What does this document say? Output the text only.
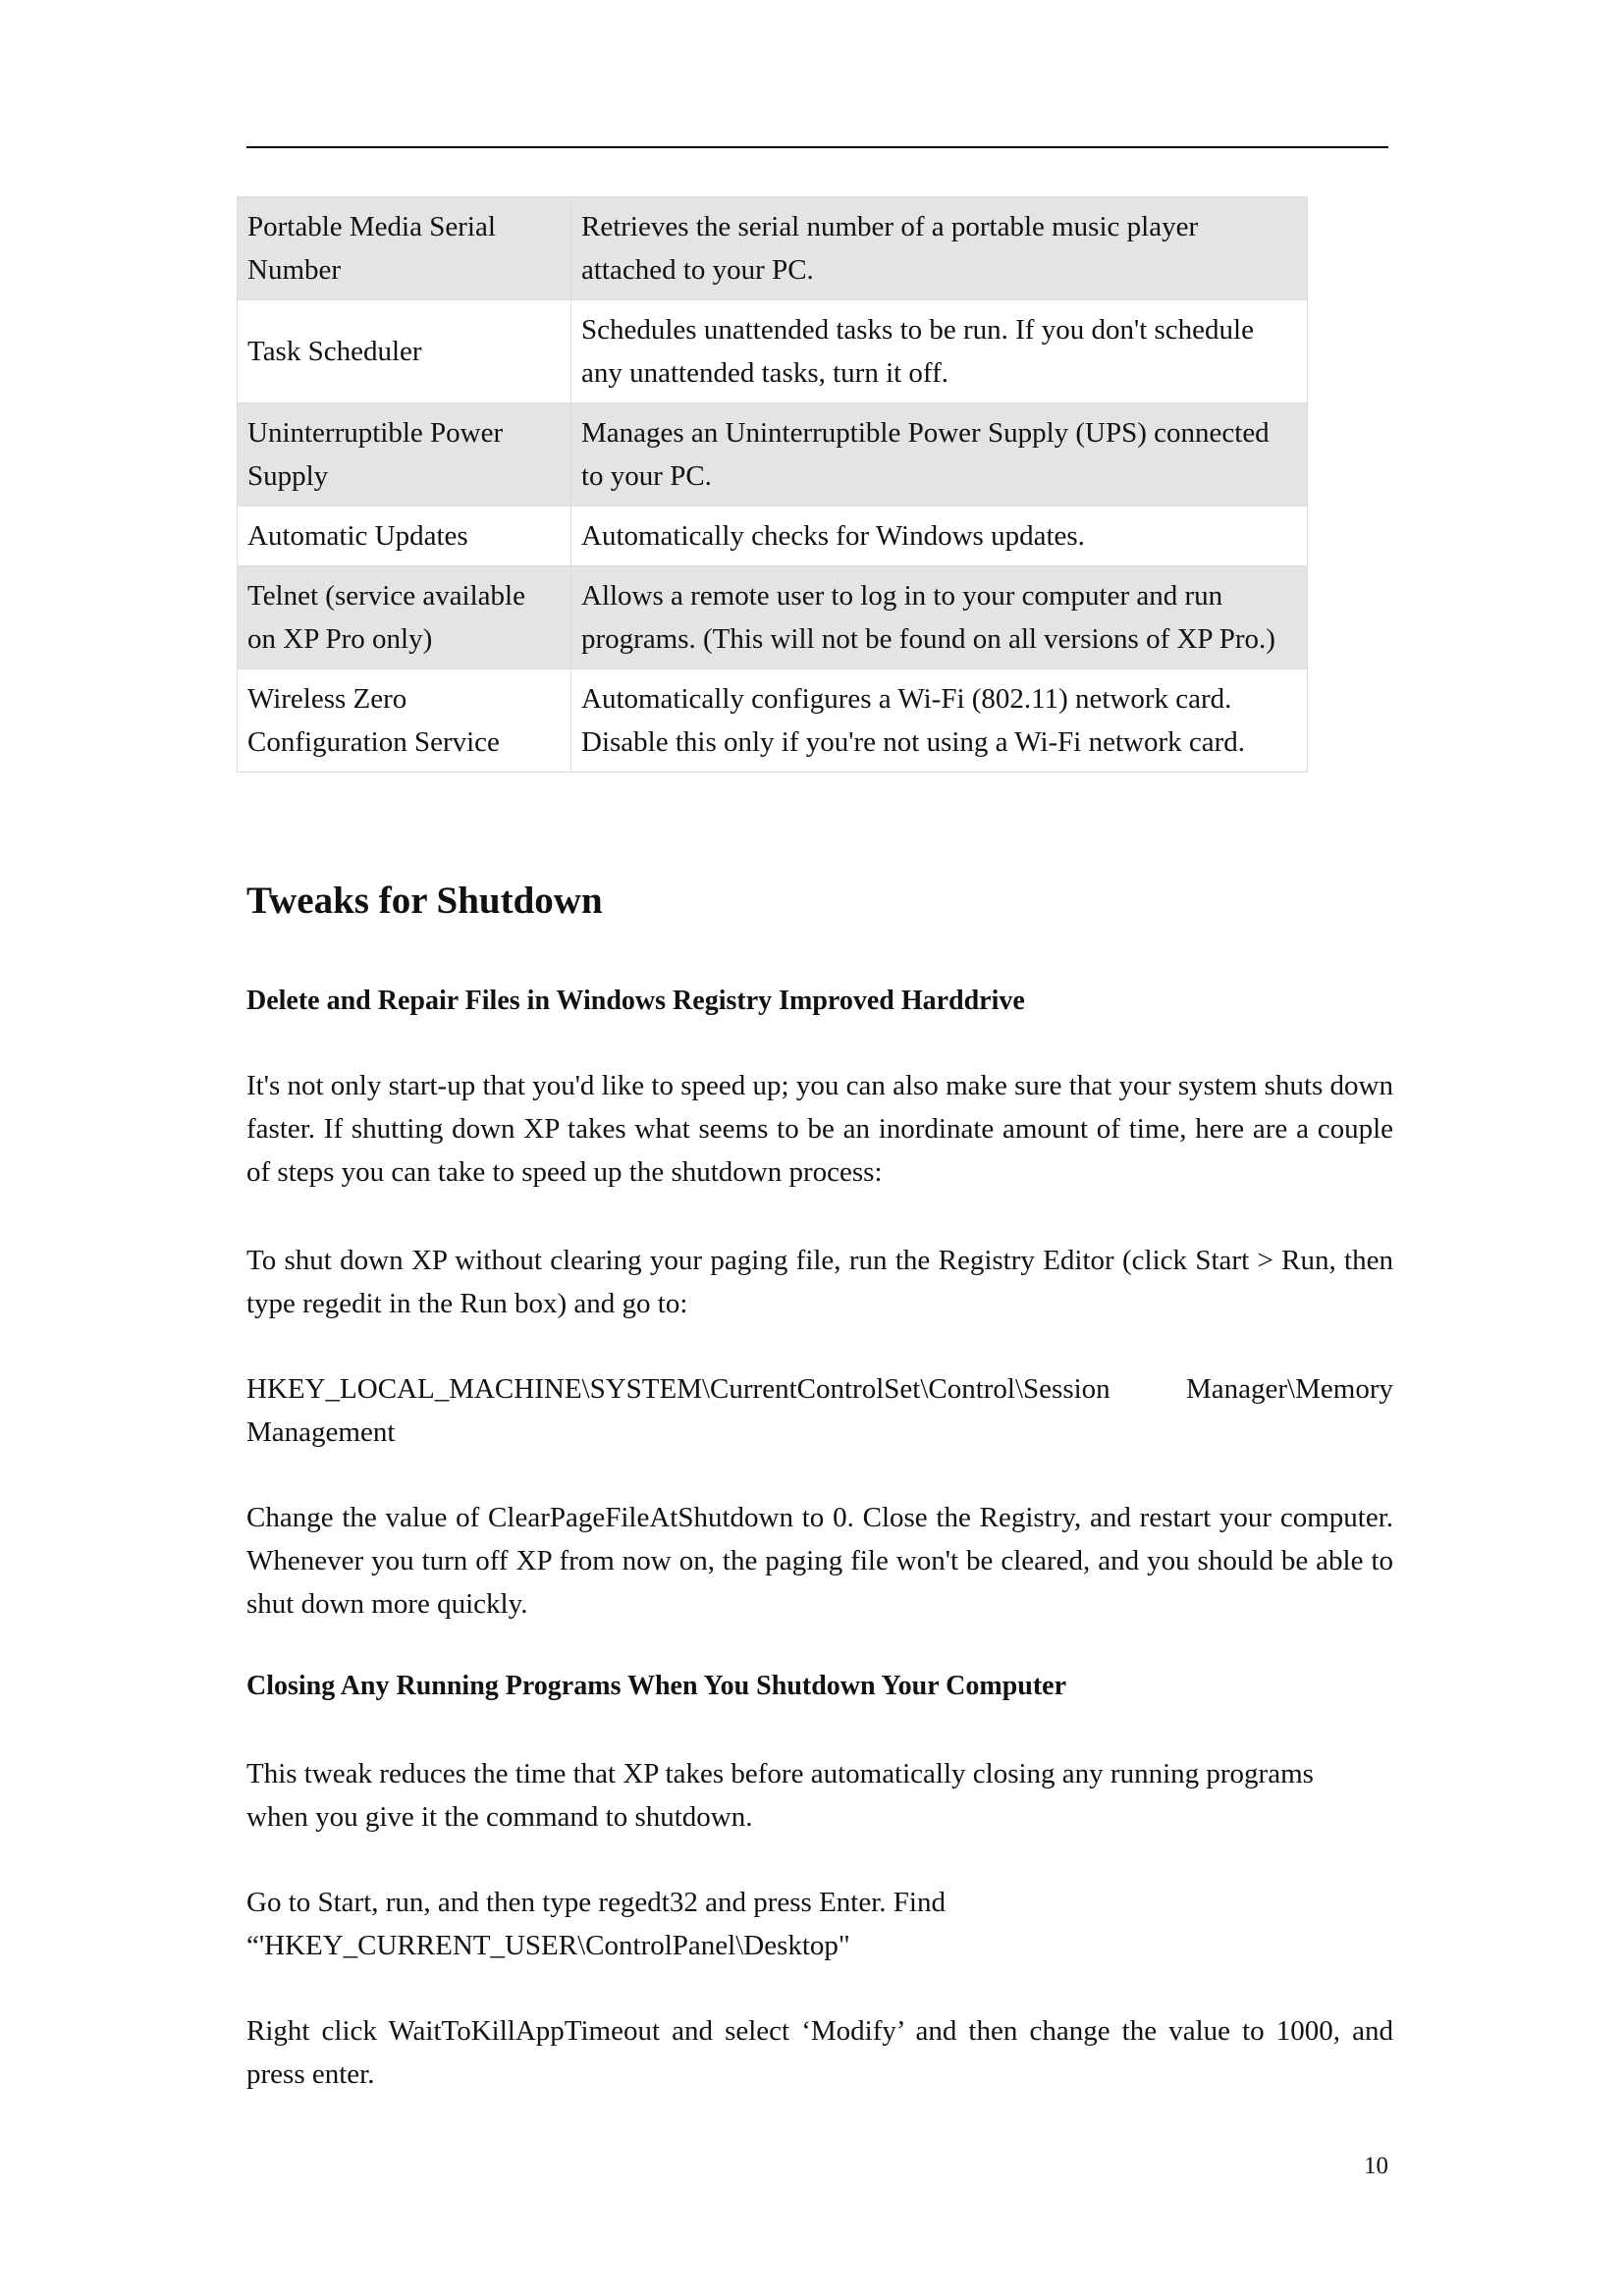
Portable Media Serial Number	Retrieves the serial number of a portable music player attached to your PC.
Task Scheduler	Schedules unattended tasks to be run. If you don't schedule any unattended tasks, turn it off.
Uninterruptible Power Supply	Manages an Uninterruptible Power Supply (UPS) connected to your PC.
Automatic Updates	Automatically checks for Windows updates.
Telnet (service available on XP Pro only)	Allows a remote user to log in to your computer and run programs. (This will not be found on all versions of XP Pro.)
Wireless Zero Configuration Service	Automatically configures a Wi-Fi (802.11) network card. Disable this only if you're not using a Wi-Fi network card.
Tweaks for Shutdown
Delete and Repair Files in Windows Registry Improved Harddrive

It's not only start-up that you'd like to speed up; you can also make sure that your system shuts down faster. If shutting down XP takes what seems to be an inordinate amount of time, here are a couple of steps you can take to speed up the shutdown process:

To shut down XP without clearing your paging file, run the Registry Editor (click Start > Run, then type regedit in the Run box) and go to:

HKEY_LOCAL_MACHINE\SYSTEM\CurrentControlSet\Control\Session	Manager\Memory
Management

Change the value of ClearPageFileAtShutdown to 0. Close the Registry, and restart your computer. Whenever you turn off XP from now on, the paging file won't be cleared, and you should be able to shut down more quickly.

Closing Any Running Programs When You Shutdown Your Computer
This tweak reduces the time that XP takes before automatically closing any running programs
when you give it the command to shutdown.
Go to Start, run, and then type regedt32 and press Enter. Find
“'HKEY_CURRENT_USER\ControlPanel\Desktop"

Right click WaitToKillAppTimeout and select ‘Modify’ and then change the value to 1000, and press enter.

10
